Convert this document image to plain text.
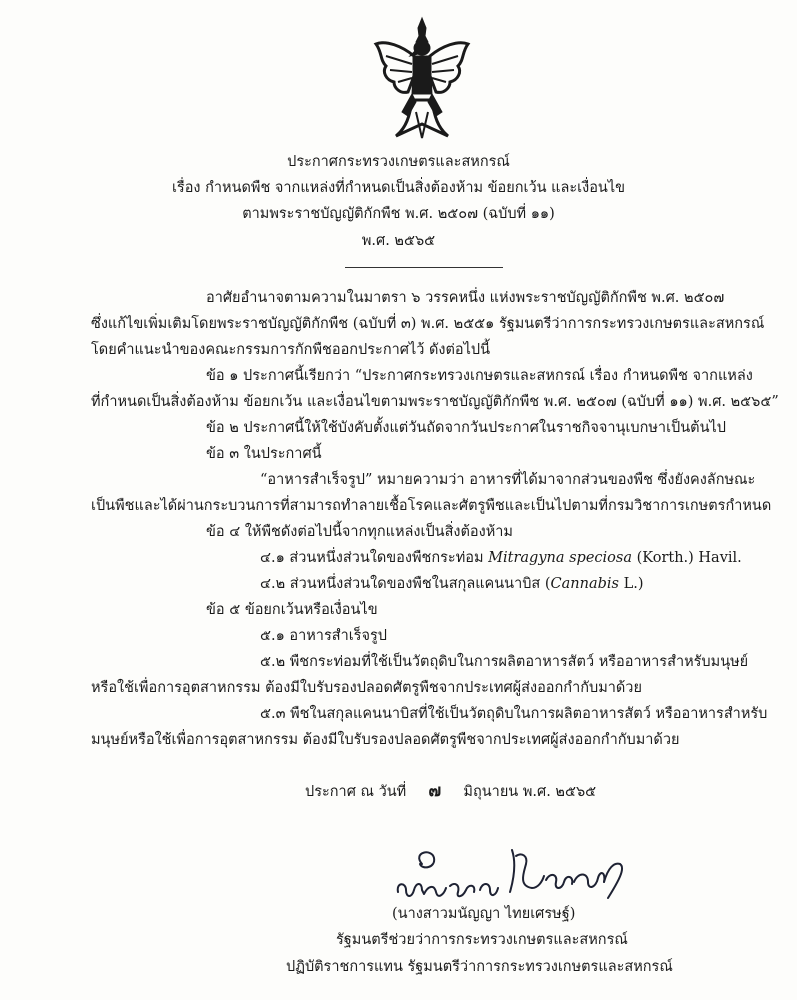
ประกาศกระทรวงเกษตรและสหกรณ์
เรื่อง กำหนดพืช จากแหล่งที่กำหนดเป็นสิ่งต้องห้าม ข้อยกเว้น และเงื่อนไข
ตามพระราชบัญญัติกักพืช พ.ศ. ๒๕๐๗ (ฉบับที่ ๑๑)
พ.ศ. ๒๕๖๕
อาศัยอำนาจตามความในมาตรา ๖ วรรคหนึ่ง แห่งพระราชบัญญัติกักพืช พ.ศ. ๒๕๐๗
ซึ่งแก้ไขเพิ่มเติมโดยพระราชบัญญัติกักพืช (ฉบับที่ ๓) พ.ศ. ๒๕๕๑ รัฐมนตรีว่าการกระทรวงเกษตรและสหกรณ์
โดยคำแนะนำของคณะกรรมการกักพืชออกประกาศไว้ ดังต่อไปนี้
ข้อ ๑ ประกาศนี้เรียกว่า “ประกาศกระทรวงเกษตรและสหกรณ์ เรื่อง กำหนดพืช จากแหล่ง
ที่กำหนดเป็นสิ่งต้องห้าม ข้อยกเว้น และเงื่อนไขตามพระราชบัญญัติกักพืช พ.ศ. ๒๕๐๗ (ฉบับที่ ๑๑) พ.ศ. ๒๕๖๕”
ข้อ ๒ ประกาศนี้ให้ใช้บังคับตั้งแต่วันถัดจากวันประกาศในราชกิจจานุเบกษาเป็นต้นไป
ข้อ ๓ ในประกาศนี้
“อาหารสำเร็จรูป” หมายความว่า อาหารที่ได้มาจากส่วนของพืช ซึ่งยังคงลักษณะ
เป็นพืชและได้ผ่านกระบวนการที่สามารถทำลายเชื้อโรคและศัตรูพืชและเป็นไปตามที่กรมวิชาการเกษตรกำหนด
ข้อ ๔ ให้พืชดังต่อไปนี้จากทุกแหล่งเป็นสิ่งต้องห้าม
๔.๑ ส่วนหนึ่งส่วนใดของพืชกระท่อม Mitragyna speciosa (Korth.) Havil.
๔.๒ ส่วนหนึ่งส่วนใดของพืชในสกุลแคนนาบิส (Cannabis L.)
ข้อ ๕ ข้อยกเว้นหรือเงื่อนไข
๕.๑ อาหารสำเร็จรูป
๕.๒ พืชกระท่อมที่ใช้เป็นวัตถุดิบในการผลิตอาหารสัตว์ หรืออาหารสำหรับมนุษย์
หรือใช้เพื่อการอุตสาหกรรม ต้องมีใบรับรองปลอดศัตรูพืชจากประเทศผู้ส่งออกกำกับมาด้วย
๕.๓ พืชในสกุลแคนนาบิสที่ใช้เป็นวัตถุดิบในการผลิตอาหารสัตว์ หรืออาหารสำหรับ
มนุษย์หรือใช้เพื่อการอุตสาหกรรม ต้องมีใบรับรองปลอดศัตรูพืชจากประเทศผู้ส่งออกกำกับมาด้วย
ประกาศ ณ วันที่ ๗ มิถุนายน พ.ศ. ๒๕๖๕
(นางสาวมนัญญา ไทยเศรษฐ์)
รัฐมนตรีช่วยว่าการกระทรวงเกษตรและสหกรณ์
ปฏิบัติราชการแทน รัฐมนตรีว่าการกระทรวงเกษตรและสหกรณ์
